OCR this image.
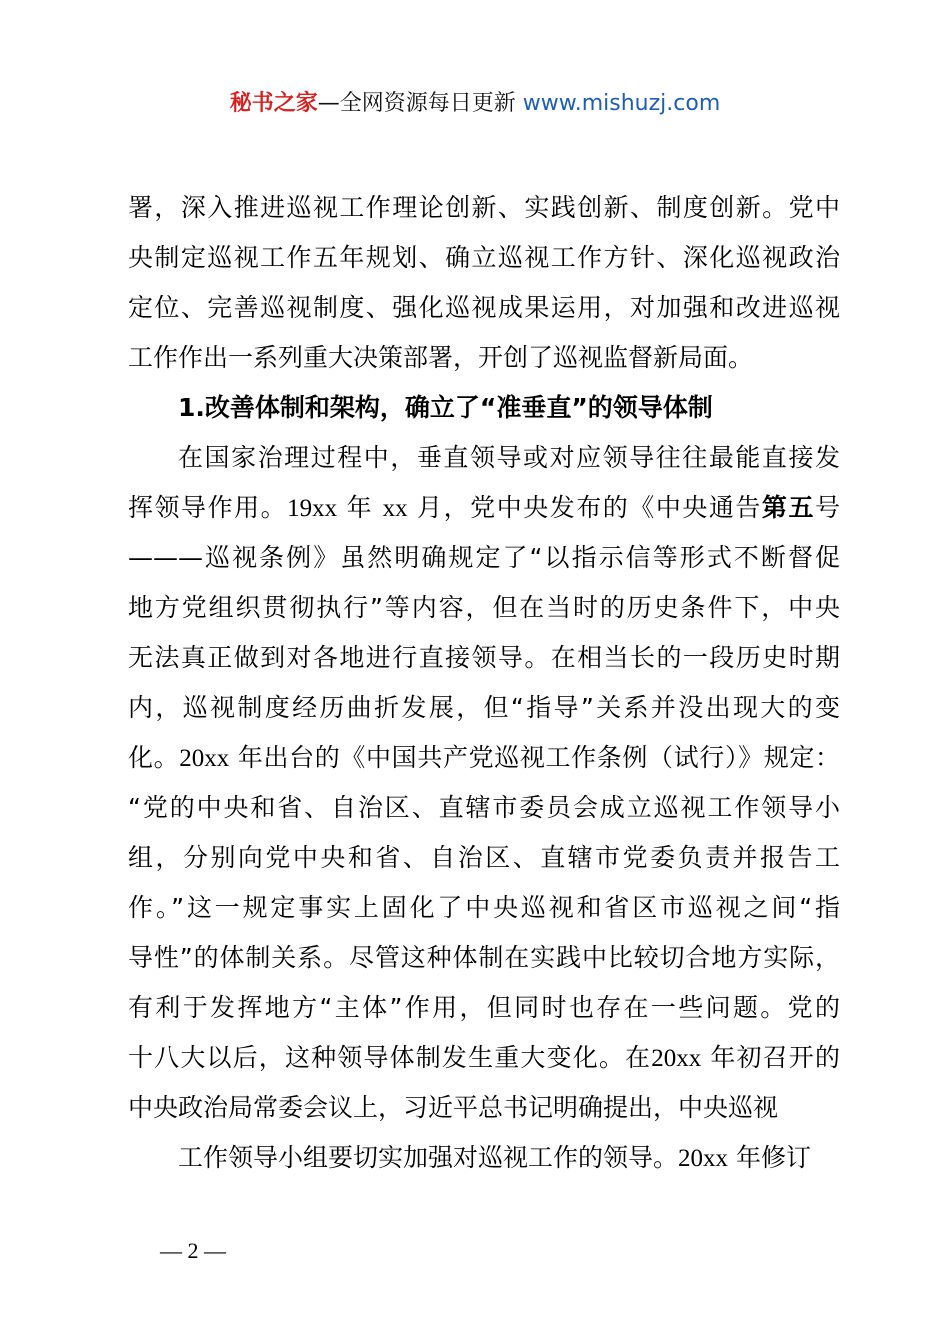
秘书之家—全网资源每日更新 www.mishuzj.com
署，深入推进巡视工作理论创新、实践创新、制度创新。党中
央制定巡视工作五年规划、确立巡视工作方针、深化巡视政治
定位、完善巡视制度、强化巡视成果运用，对加强和改进巡视
工作作出一系列重大决策部署，开创了巡视监督新局面。
1.改善体制和架构，确立了“准垂直”的领导体制
在国家治理过程中，垂直领导或对应领导往往最能直接发
挥领导作用。19xx 年 xx 月，党中央发布的《中央通告第五号
———巡视条例》虽然明确规定了“以指示信等形式不断督促
地方党组织贯彻执行”等内容，但在当时的历史条件下，中央
无法真正做到对各地进行直接领导。在相当长的一段历史时期
内，巡视制度经历曲折发展，但“指导”关系并没出现大的变
化。20xx 年出台的《中国共产党巡视工作条例（试行）》规定：
“党的中央和省、自治区、直辖市委员会成立巡视工作领导小
组，分别向党中央和省、自治区、直辖市党委负责并报告工
作。”这一规定事实上固化了中央巡视和省区市巡视之间“指
导性”的体制关系。尽管这种体制在实践中比较切合地方实际，
有利于发挥地方“主体”作用，但同时也存在一些问题。党的
十八大以后，这种领导体制发生重大变化。在20xx 年初召开的
中央政治局常委会议上，习近平总书记明确提出，中央巡视
工作领导小组要切实加强对巡视工作的领导。20xx 年修订
— 2 —
